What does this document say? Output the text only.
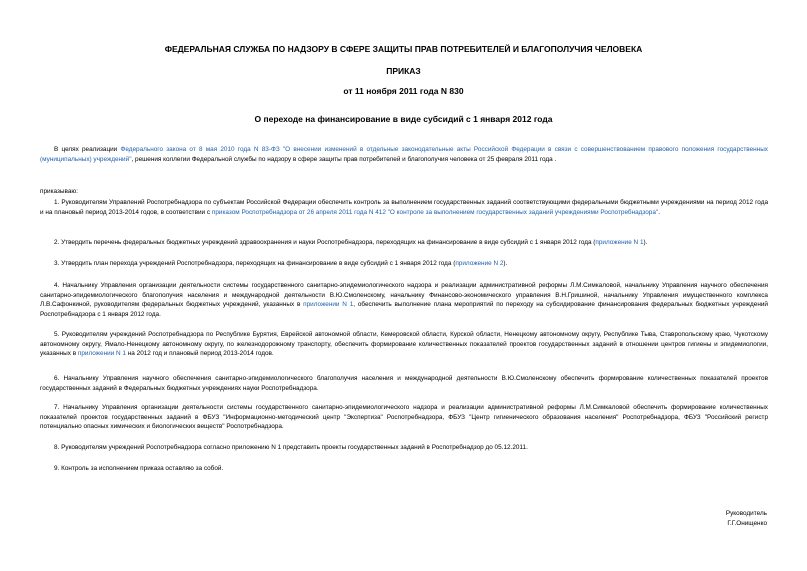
ФЕДЕРАЛЬНАЯ СЛУЖБА ПО НАДЗОРУ В СФЕРЕ ЗАЩИТЫ ПРАВ ПОТРЕБИТЕЛЕЙ И БЛАГОПОЛУЧИЯ ЧЕЛОВЕКА
ПРИКАЗ
от 11 ноября 2011 года N 830
О переходе на финансирование в виде субсидий с 1 января 2012 года
В целях реализации Федерального закона от 8 мая 2010 года N 83-ФЗ "О внесении изменений в отдельные законодательные акты Российской Федерации в связи с совершенствованием правового положения государственных (муниципальных) учреждений", решения коллегии Федеральной службы по надзору в сфере защиты прав потребителей и благополучия человека от 25 февраля 2011 года .
приказываю:
1. Руководителям Управлений Роспотребнадзора по субъектам Российской Федерации обеспечить контроль за выполнением государственных заданий соответствующими федеральными бюджетными учреждениями на период 2012 года и на плановый период 2013-2014 годов, в соответствии с приказом Роспотребнадзора от 26 апреля 2011 года N 412 "О контроле за выполнением государственных заданий учреждениями Роспотребнадзора".
2. Утвердить перечень федеральных бюджетных учреждений здравоохранения и науки Роспотребнадзора, переходящих на финансирование в виде субсидий с 1 января 2012 года (приложение N 1).
3. Утвердить план перехода учреждений Роспотребнадзора, переходящих на финансирование в виде субсидий с 1 января 2012 года (приложение N 2).
4. Начальнику Управления организации деятельности системы государственного санитарно-эпидемиологического надзора и реализации административной реформы Л.М.Симкаловой, начальнику Управления научного обеспечения санитарно-эпидемиологического благополучия населения и международной деятельности В.Ю.Смоленскому, начальнику Финансово-экономического управления В.Н.Гришиной, начальнику Управления имущественного комплекса Л.В.Сафонкиной, руководителям федеральных бюджетных учреждений, указанных в приложении N 1, обеспечить выполнение плана мероприятий по переходу на субсидирование финансирования федеральных бюджетных учреждений Роспотребнадзора с 1 января 2012 года.
5. Руководителям учреждений Роспотребнадзора по Республике Бурятия, Еврейской автономной области, Кемеровской области, Курской области, Ненецкому автономному округу, Республике Тыва, Ставропольскому краю, Чукотскому автономному округу, Ямало-Ненецкому автономному округу, по железнодорожному транспорту, обеспечить формирование количественных показателей проектов государственных заданий в отношении центров гигиены и эпидемиологии, указанных в приложении N 1 на 2012 год и плановый период 2013-2014 годов.
6. Начальнику Управления научного обеспечения санитарно-эпидемиологического благополучия населения и международной деятельности В.Ю.Смоленскому обеспечить формирование количественных показателей проектов государственных заданий в Федеральных бюджетных учреждениях науки Роспотребнадзора.
7. Начальнику Управления организации деятельности системы государственного санитарно-эпидемиологического надзора и реализации административной реформы Л.М.Симкаловой обеспечить формирование количественных показателей проектов государственных заданий в ФБУЗ "Информационно-методический центр "Экспертиза" Роспотребнадзора, ФБУЗ "Центр гигиенического образования населения" Роспотребнадзора, ФБУЗ "Российский регистр потенциально опасных химических и биологических веществ" Роспотребнадзора.
8. Руководителям учреждений Роспотребнадзора согласно приложению N 1 представить проекты государственных заданий в Роспотребнадзор до 05.12.2011.
9. Контроль за исполнением приказа оставляю за собой.
Руководитель
Г.Г.Онищенко
